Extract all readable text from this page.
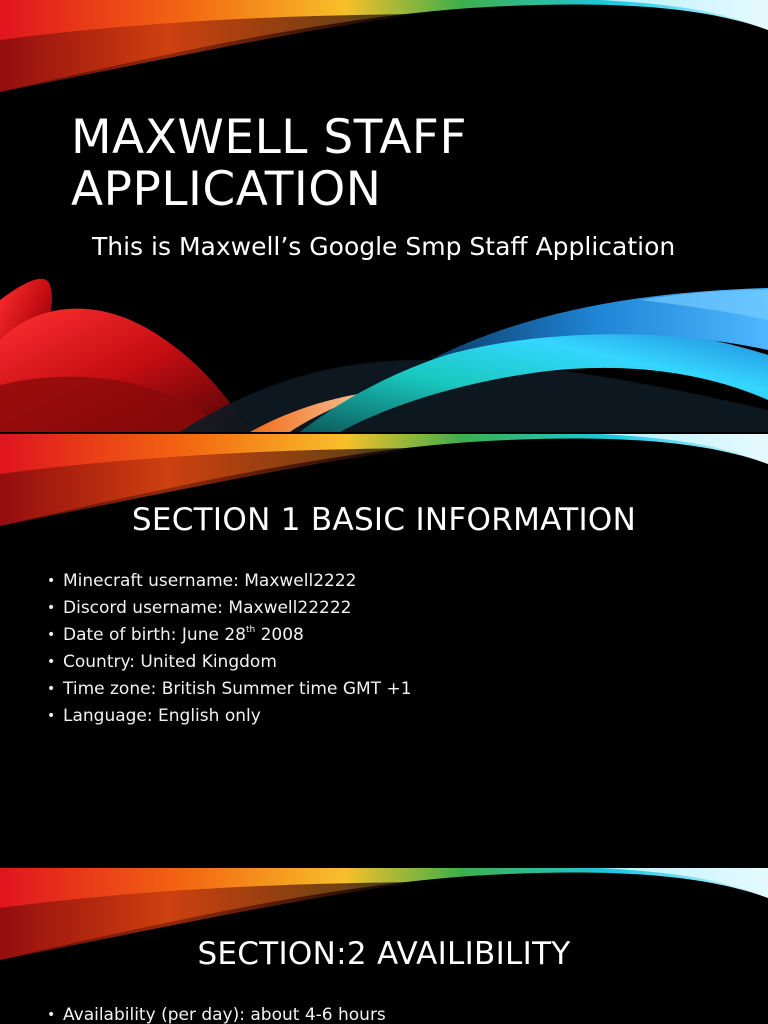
MAXWELL STAFF APPLICATION

This is Maxwell’s Google Smp Staff Application

SECTION 1 BASIC INFORMATION
• Minecraft username: Maxwell2222
• Discord username: Maxwell22222
• Date of birth: June 28th 2008
• Country: United Kingdom
• Time zone: British Summer time GMT +1
• Language: English only
SECTION:2 AVAILIBILITY
• Availability (per day): about 4-6 hours
